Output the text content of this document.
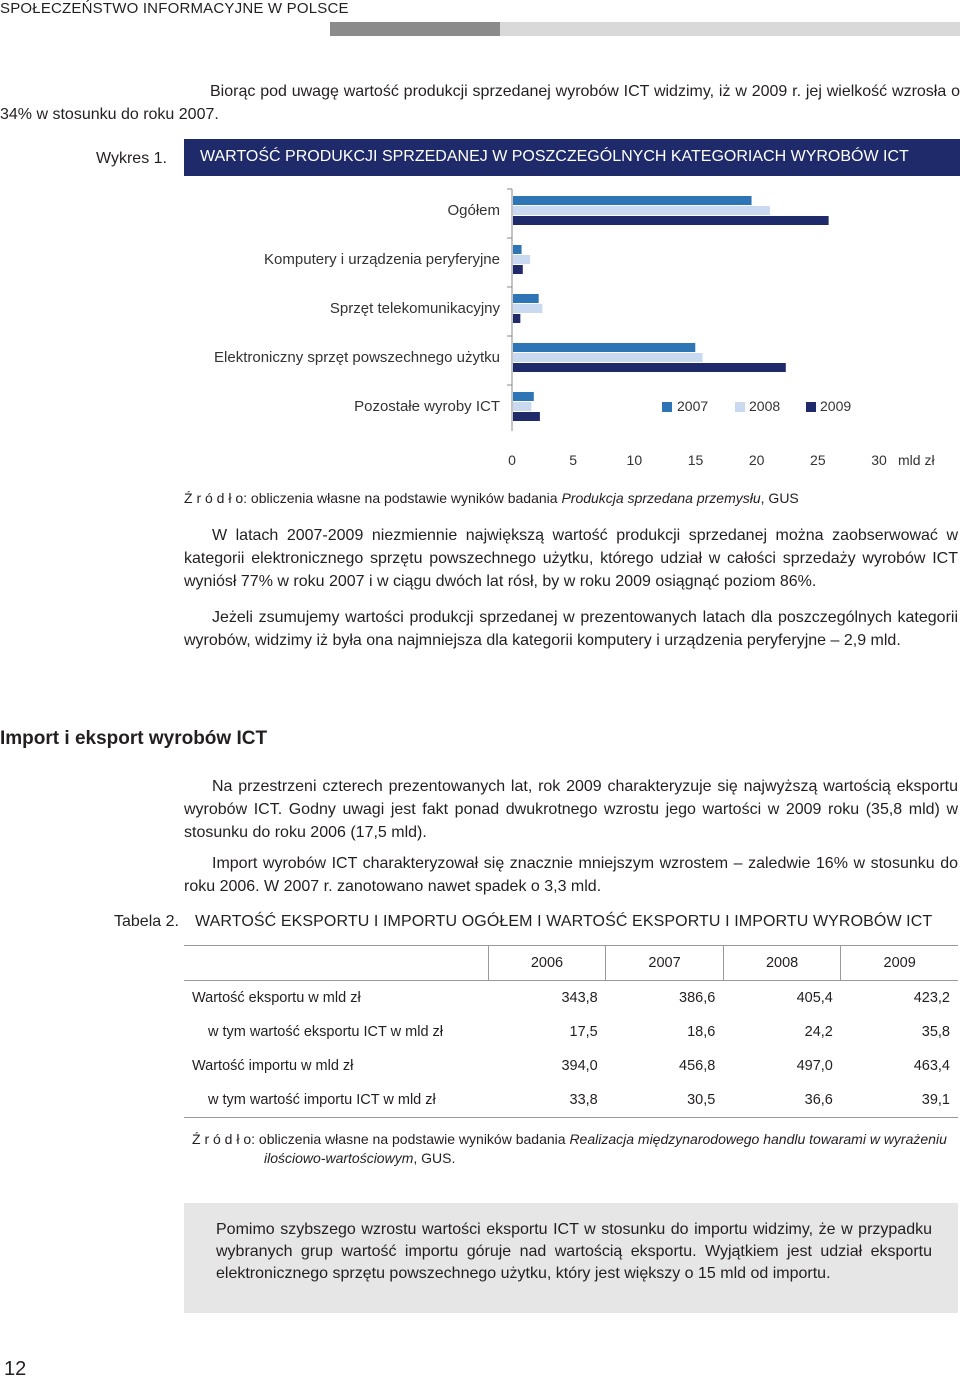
SPOŁECZEŃSTWO INFORMACYJNE W POLSCE
Biorąc pod uwagę wartość produkcji sprzedanej wyrobów ICT widzimy, iż w 2009 r. jej wielkość wzrosła o 34% w stosunku do roku 2007.
Wykres 1. WARTOŚĆ PRODUKCJI SPRZEDANEJ W POSZCZEGÓLNYCH KATEGORIACH WYROBÓW ICT
Ogółem
Komputery i urządzenia peryferyjne
Sprzęt telekomunikacyjny
Elektroniczny sprzęt powszechnego użytku
Pozostałe wyroby ICT
0	5	10	15	20	25	30 mld zł
2007	2008	2009
Ź r ó d ł o: obliczenia własne na podstawie wyników badania Produkcja sprzedana przemysłu, GUS
W latach 2007-2009 niezmiennie największą wartość produkcji sprzedanej można zaobserwować w kategorii elektronicznego sprzętu powszechnego użytku, którego udział w całości sprzedaży wyrobów ICT wyniósł 77% w roku 2007 i w ciągu dwóch lat rósł, by w roku 2009 osiągnąć poziom 86%.
Jeżeli zsumujemy wartości produkcji sprzedanej w prezentowanych latach dla poszczególnych kategorii wyrobów, widzimy iż była ona najmniejsza dla kategorii komputery i urządzenia peryferyjne – 2,9 mld.
Import i eksport wyrobów ICT
Na przestrzeni czterech prezentowanych lat, rok 2009 charakteryzuje się najwyższą wartością eksportu wyrobów ICT. Godny uwagi jest fakt ponad dwukrotnego wzrostu jego wartości w 2009 roku (35,8 mld) w stosunku do roku 2006 (17,5 mld).
Import wyrobów ICT charakteryzował się znacznie mniejszym wzrostem – zaledwie 16% w stosunku do roku 2006. W 2007 r. zanotowano nawet spadek o 3,3 mld.
Tabela 2. WARTOŚĆ EKSPORTU I IMPORTU OGÓŁEM I WARTOŚĆ EKSPORTU I IMPORTU WYROBÓW ICT
	2006	2007	2008	2009
Wartość eksportu w mld zł	343,8	386,6	405,4	423,2
w tym wartość eksportu ICT w mld zł	17,5	18,6	24,2	35,8
Wartość importu w mld zł	394,0	456,8	497,0	463,4
w tym wartość importu ICT w mld zł	33,8	30,5	36,6	39,1
Ź r ó d ł o: obliczenia własne na podstawie wyników badania Realizacja międzynarodowego handlu towarami w wyrażeniu ilościowo-wartościowym, GUS.
Pomimo szybszego wzrostu wartości eksportu ICT w stosunku do importu widzimy, że w przypadku wybranych grup wartość importu góruje nad wartością eksportu. Wyjątkiem jest udział eksportu elektronicznego sprzętu powszechnego użytku, który jest większy o 15 mld od importu.
12
